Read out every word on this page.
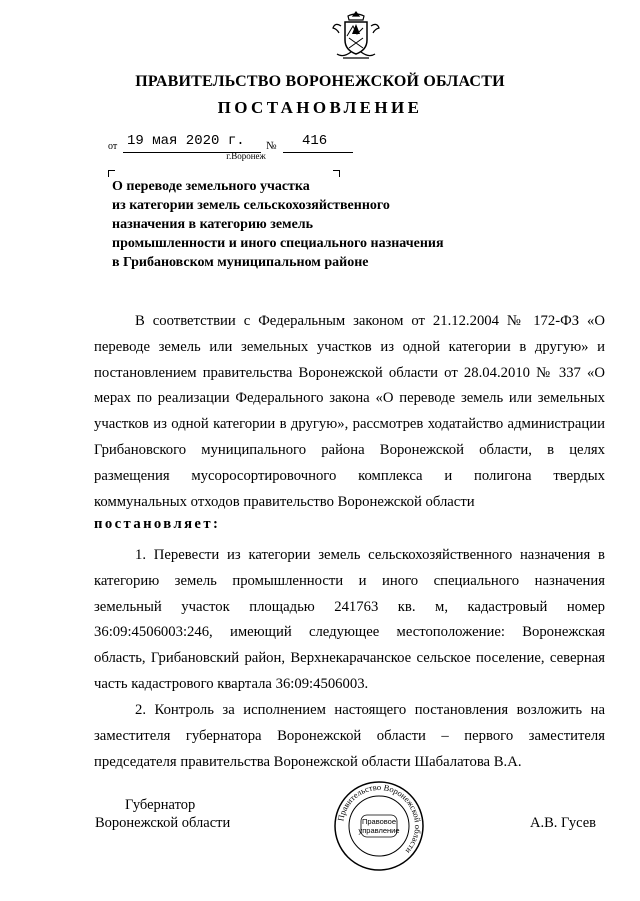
ПРАВИТЕЛЬСТВО ВОРОНЕЖСКОЙ ОБЛАСТИ
ПОСТАНОВЛЕНИЕ
от 19 мая 2020 г. № 416
г.Воронеж
О переводе земельного участка
из категории земель сельскохозяйственного
назначения в категорию земель
промышленности и иного специального назначения
в Грибановском муниципальном районе
В соответствии с Федеральным законом от 21.12.2004 № 172-ФЗ «О переводе земель или земельных участков из одной категории в другую» и постановлением правительства Воронежской области от 28.04.2010 № 337 «О мерах по реализации Федерального закона «О переводе земель или земельных участков из одной категории в другую», рассмотрев ходатайство администрации Грибановского муниципального района Воронежской области, в целях размещения мусоросортировочного комплекса и полигона твердых коммунальных отходов правительство Воронежской области
постановляет:
1. Перевести из категории земель сельскохозяйственного назначения в категорию земель промышленности и иного специального назначения земельный участок площадью 241763 кв. м, кадастровый номер 36:09:4506003:246, имеющий следующее местоположение: Воронежская область, Грибановский район, Верхнекарачанское сельское поселение, северная часть кадастрового квартала 36:09:4506003.
2. Контроль за исполнением настоящего постановления возложить на заместителя губернатора Воронежской области – первого заместителя председателя правительства Воронежской области Шабалатова В.А.
Губернатор
Воронежской области	А.В. Гусев
Правительство Воронежской области
Правовое
управление
